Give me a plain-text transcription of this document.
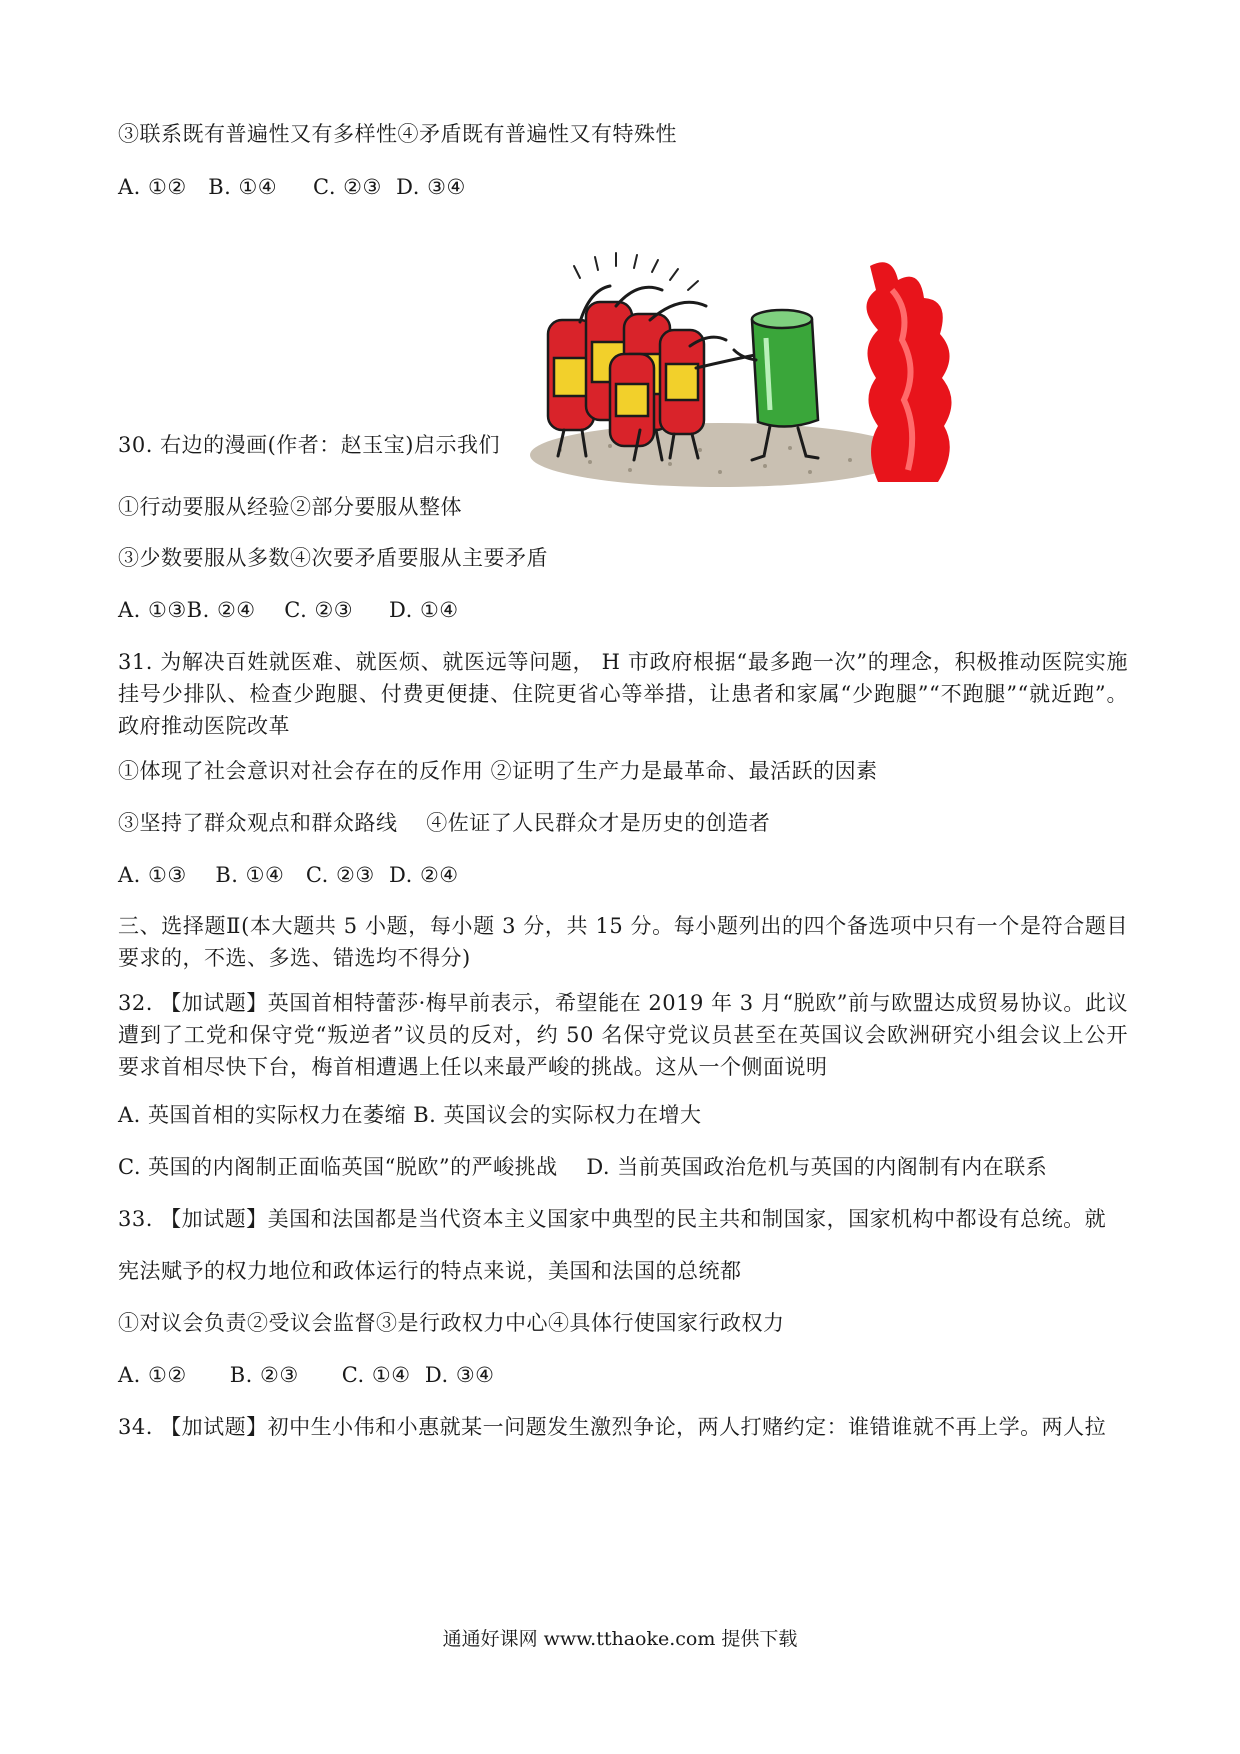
③联系既有普遍性又有多样性④矛盾既有普遍性又有特殊性

A. ①②   B. ①④     C. ②③  D. ③④

30. 右边的漫画(作者：赵玉宝)启示我们

①行动要服从经验②部分要服从整体

③少数要服从多数④次要矛盾要服从主要矛盾

A. ①③B. ②④    C. ②③     D. ①④

31. 为解决百姓就医难、就医烦、就医远等问题， H 市政府根据“最多跑一次”的理念，积极推动医院实施挂号少排队、检查少跑腿、付费更便捷、住院更省心等举措，让患者和家属“少跑腿”“不跑腿”“就近跑”。政府推动医院改革

①体现了社会意识对社会存在的反作用 ②证明了生产力是最革命、最活跃的因素

③坚持了群众观点和群众路线    ④佐证了人民群众才是历史的创造者

A. ①③    B. ①④   C. ②③  D. ②④

三、选择题Ⅱ(本大题共 5 小题，每小题 3 分，共 15 分。每小题列出的四个备选项中只有一个是符合题目要求的，不选、多选、错选均不得分)

32. 【加试题】英国首相特蕾莎·梅早前表示，希望能在 2019 年 3 月“脱欧”前与欧盟达成贸易协议。此议遭到了工党和保守党“叛逆者”议员的反对，约 50 名保守党议员甚至在英国议会欧洲研究小组会议上公开要求首相尽快下台，梅首相遭遇上任以来最严峻的挑战。这从一个侧面说明

A. 英国首相的实际权力在萎缩 B. 英国议会的实际权力在增大

C. 英国的内阁制正面临英国“脱欧”的严峻挑战    D. 当前英国政治危机与英国的内阁制有内在联系

33. 【加试题】美国和法国都是当代资本主义国家中典型的民主共和制国家，国家机构中都设有总统。就

宪法赋予的权力地位和政体运行的特点来说，美国和法国的总统都

①对议会负责②受议会监督③是行政权力中心④具体行使国家行政权力

A. ①②      B. ②③      C. ①④  D. ③④

34. 【加试题】初中生小伟和小惠就某一问题发生激烈争论，两人打赌约定：谁错谁就不再上学。两人拉

通通好课网 www.tthaoke.com 提供下载
